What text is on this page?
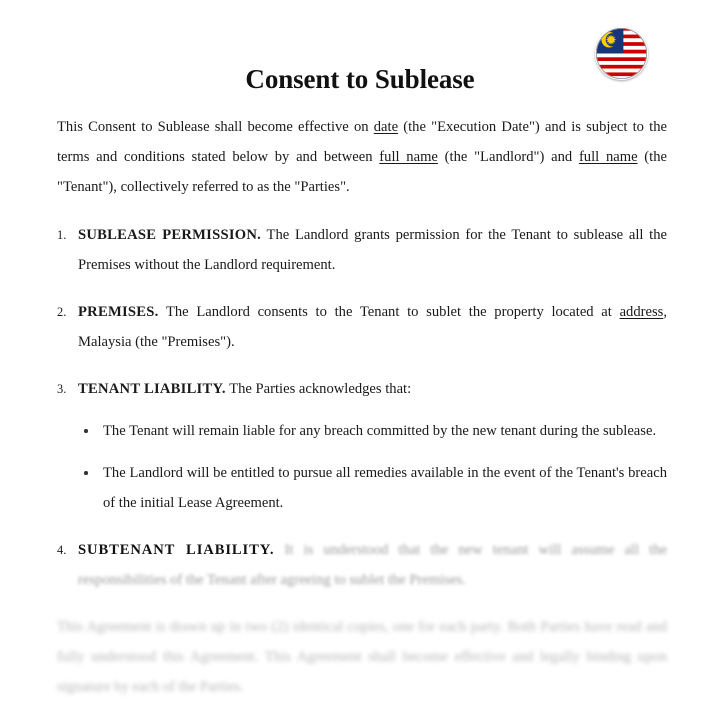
Consent to Sublease

This Consent to Sublease shall become effective on date (the "Execution Date") and is subject to the terms and conditions stated below by and between full name (the "Landlord") and full name (the "Tenant"), collectively referred to as the "Parties".

SUBLEASE PERMISSION. The Landlord grants permission for the Tenant to sublease all the Premises without the Landlord requirement.
PREMISES. The Landlord consents to the Tenant to sublet the property located at address, Malaysia (the "Premises").
TENANT LIABILITY. The Parties acknowledges that:
The Tenant will remain liable for any breach committed by the new tenant during the sublease.
The Landlord will be entitled to pursue all remedies available in the event of the Tenant's breach of the initial Lease Agreement.
SUBTENANT LIABILITY. It is understood that the new tenant will assume all the responsibilities of the Tenant after agreeing to sublet the Premises.

This Agreement is drawn up in two (2) identical copies, one for each party. Both Parties have read and fully understood this Agreement. This Agreement shall become effective and legally binding upon signature by each of the Parties.
